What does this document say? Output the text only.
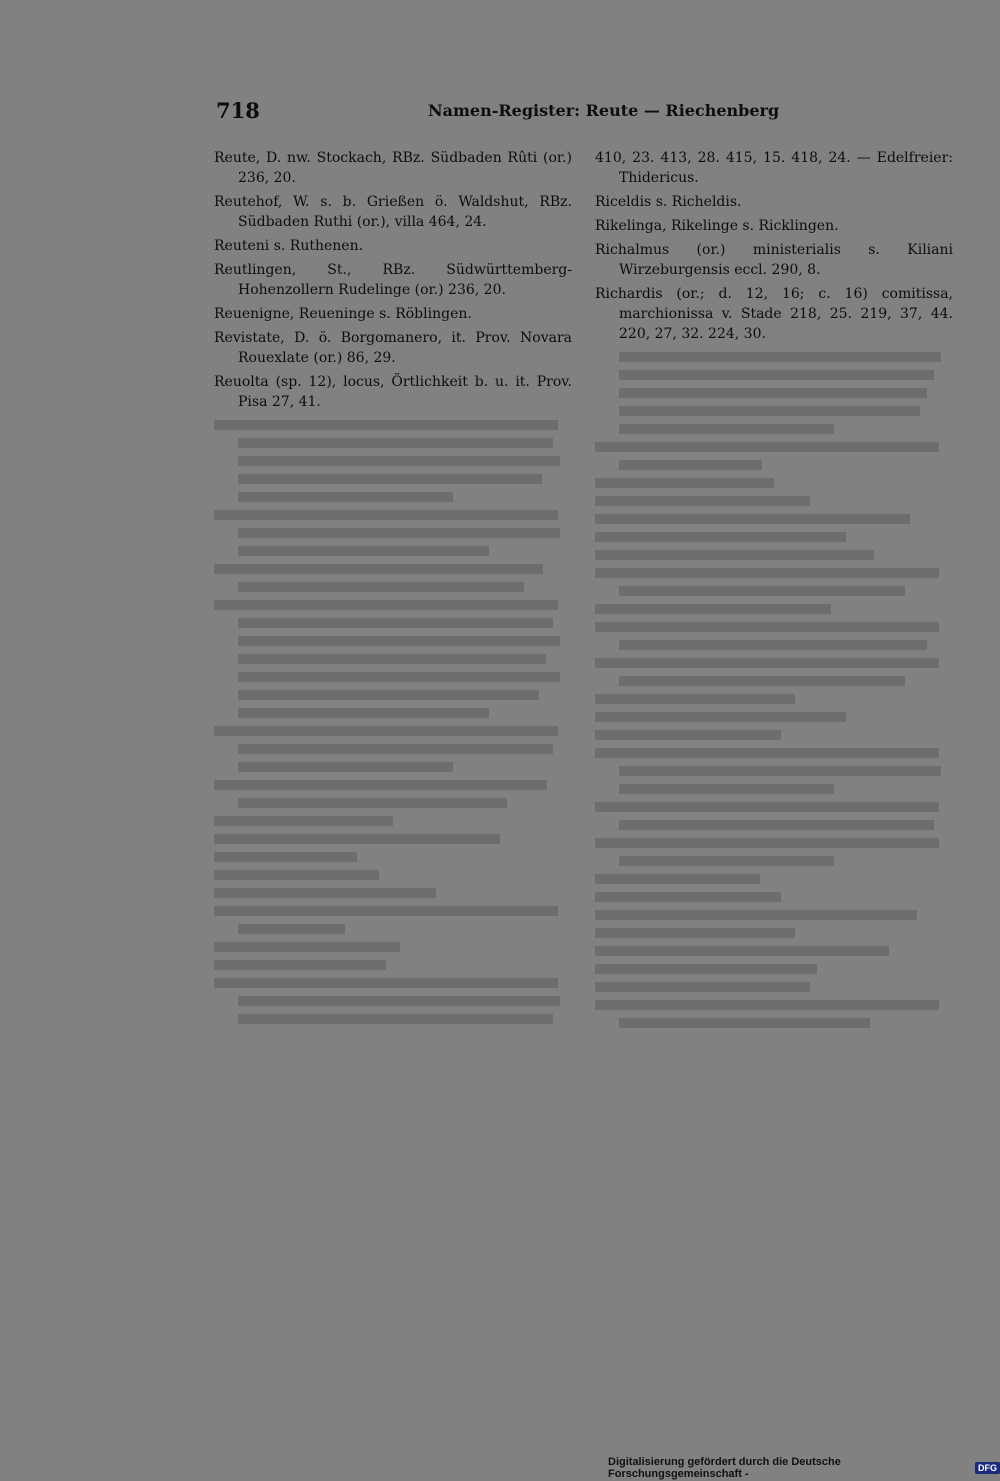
718	Namen-Register: Reute — Riechenberg

Reute, D. nw. Stockach, RBz. Südbaden Rûti (or.) 236, 20.

Reutehof, W. s. b. Grießen ö. Waldshut, RBz. Südbaden Ruthi (or.), villa 464, 24.

Reuteni s. Ruthenen.

Reutlingen, St., RBz. Südwürttemberg-Hohenzollern Rudelinge (or.) 236, 20.

Reuenigne, Reueninge s. Röblingen.

Revistate, D. ö. Borgomanero, it. Prov. Novara Rouexlate (or.) 86, 29.

Reuolta (sp. 12), locus, Örtlichkeit b. u. it. Prov. Pisa 27, 41.

410, 23. 413, 28. 415, 15. 418, 24. — Edelfreier: Thidericus.

Riceldis s. Richeldis.

Rikelinga, Rikelinge s. Ricklingen.

Richalmus (or.) ministerialis s. Kiliani Wirzeburgensis eccl. 290, 8.

Richardis (or.; d. 12, 16; c. 16) comitissa, marchionissa v. Stade 218, 25. 219, 37, 44. 220, 27, 32. 224, 30.

Digitalisierung gefördert durch die Deutsche Forschungsgemeinschaft -	DFG
